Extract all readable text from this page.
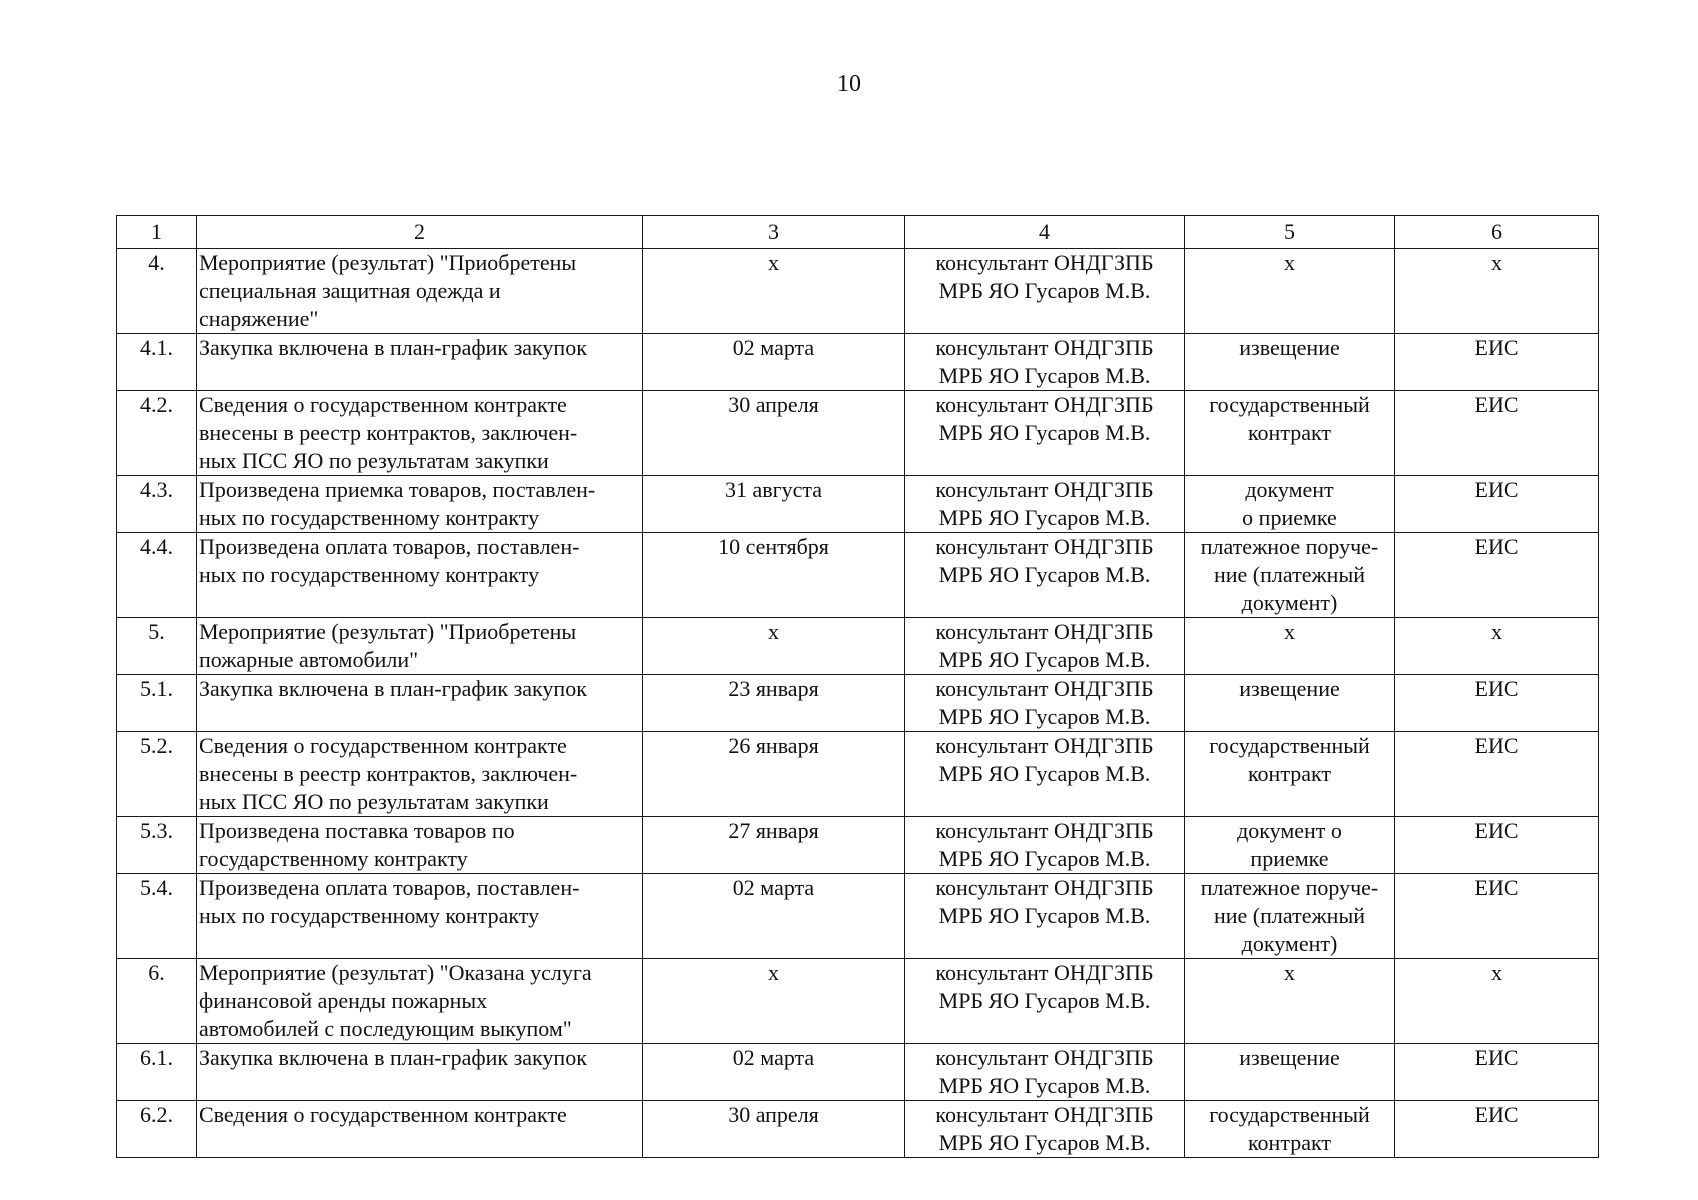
10
1	2	3	4	5	6

4.	Мероприятие (результат) "Приобретены
специальная защитная одежда и
снаряжение"	х	консультант ОНДГЗПБ
МРБ ЯО Гусаров М.В.	х	х

4.1.	Закупка включена в план-график закупок	02 марта	консультант ОНДГЗПБ
МРБ ЯО Гусаров М.В.	извещение	ЕИС

4.2.	Сведения о государственном контракте
внесены в реестр контрактов, заключен-
ных ПСС ЯО по результатам закупки	30 апреля	консультант ОНДГЗПБ
МРБ ЯО Гусаров М.В.	государственный
контракт	ЕИС

4.3.	Произведена приемка товаров, поставлен-
ных по государственному контракту	31 августа	консультант ОНДГЗПБ
МРБ ЯО Гусаров М.В.	документ
о приемке	ЕИС

4.4.	Произведена оплата товаров, поставлен-
ных по государственному контракту	10 сентября	консультант ОНДГЗПБ
МРБ ЯО Гусаров М.В.	платежное поруче-
ние (платежный
документ)	ЕИС

5.	Мероприятие (результат) "Приобретены
пожарные автомобили"	х	консультант ОНДГЗПБ
МРБ ЯО Гусаров М.В.	х	х

5.1.	Закупка включена в план-график закупок	23 января	консультант ОНДГЗПБ
МРБ ЯО Гусаров М.В.	извещение	ЕИС

5.2.	Сведения о государственном контракте
внесены в реестр контрактов, заключен-
ных ПСС ЯО по результатам закупки	26 января	консультант ОНДГЗПБ
МРБ ЯО Гусаров М.В.	государственный
контракт	ЕИС

5.3.	Произведена поставка товаров по
государственному контракту	27 января	консультант ОНДГЗПБ
МРБ ЯО Гусаров М.В.	документ о
приемке	ЕИС

5.4.	Произведена оплата товаров, поставлен-
ных по государственному контракту	02 марта	консультант ОНДГЗПБ
МРБ ЯО Гусаров М.В.	платежное поруче-
ние (платежный
документ)	ЕИС

6.	Мероприятие (результат) "Оказана услуга
финансовой аренды пожарных
автомобилей с последующим выкупом"	х	консультант ОНДГЗПБ
МРБ ЯО Гусаров М.В.	х	х

6.1.	Закупка включена в план-график закупок	02 марта	консультант ОНДГЗПБ
МРБ ЯО Гусаров М.В.	извещение	ЕИС

6.2.	Сведения о государственном контракте	30 апреля	консультант ОНДГЗПБ
МРБ ЯО Гусаров М.В.	государственный
контракт	ЕИС
